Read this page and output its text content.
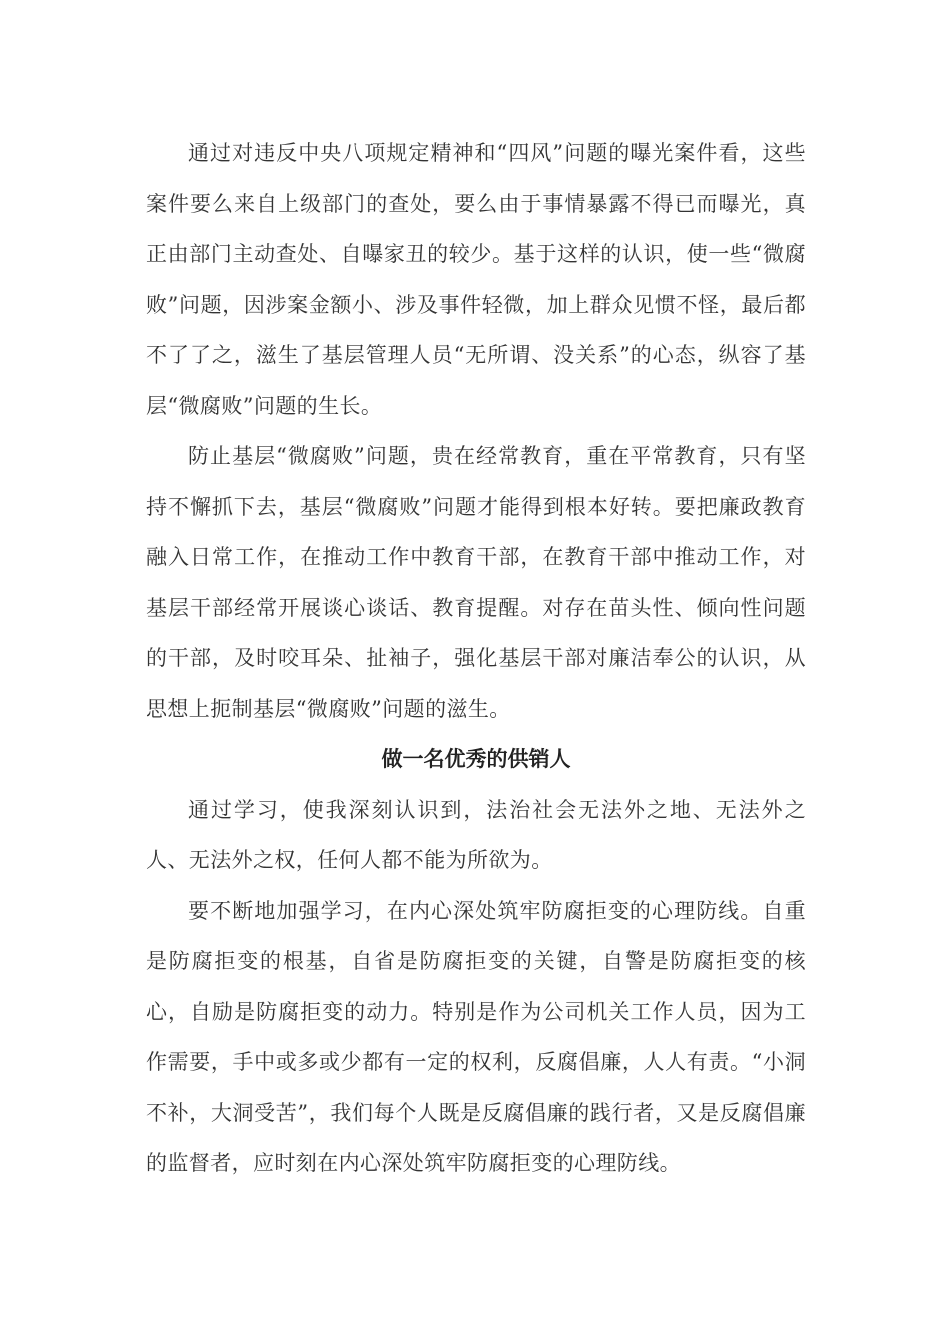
通过对违反中央八项规定精神和“四风”问题的曝光案件看，这些案件要么来自上级部门的查处，要么由于事情暴露不得已而曝光，真正由部门主动查处、自曝家丑的较少。基于这样的认识，使一些“微腐败”问题，因涉案金额小、涉及事件轻微，加上群众见惯不怪，最后都不了了之，滋生了基层管理人员“无所谓、没关系”的心态，纵容了基层“微腐败”问题的生长。

防止基层“微腐败”问题，贵在经常教育，重在平常教育，只有坚持不懈抓下去，基层“微腐败”问题才能得到根本好转。要把廉政教育融入日常工作，在推动工作中教育干部，在教育干部中推动工作，对基层干部经常开展谈心谈话、教育提醒。对存在苗头性、倾向性问题的干部，及时咬耳朵、扯袖子，强化基层干部对廉洁奉公的认识，从思想上扼制基层“微腐败”问题的滋生。

做一名优秀的供销人

通过学习，使我深刻认识到，法治社会无法外之地、无法外之人、无法外之权，任何人都不能为所欲为。

要不断地加强学习，在内心深处筑牢防腐拒变的心理防线。自重是防腐拒变的根基，自省是防腐拒变的关键，自警是防腐拒变的核心，自励是防腐拒变的动力。特别是作为公司机关工作人员，因为工作需要，手中或多或少都有一定的权利，反腐倡廉，人人有责。“小洞不补，大洞受苦”，我们每个人既是反腐倡廉的践行者，又是反腐倡廉的监督者，应时刻在内心深处筑牢防腐拒变的心理防线。
